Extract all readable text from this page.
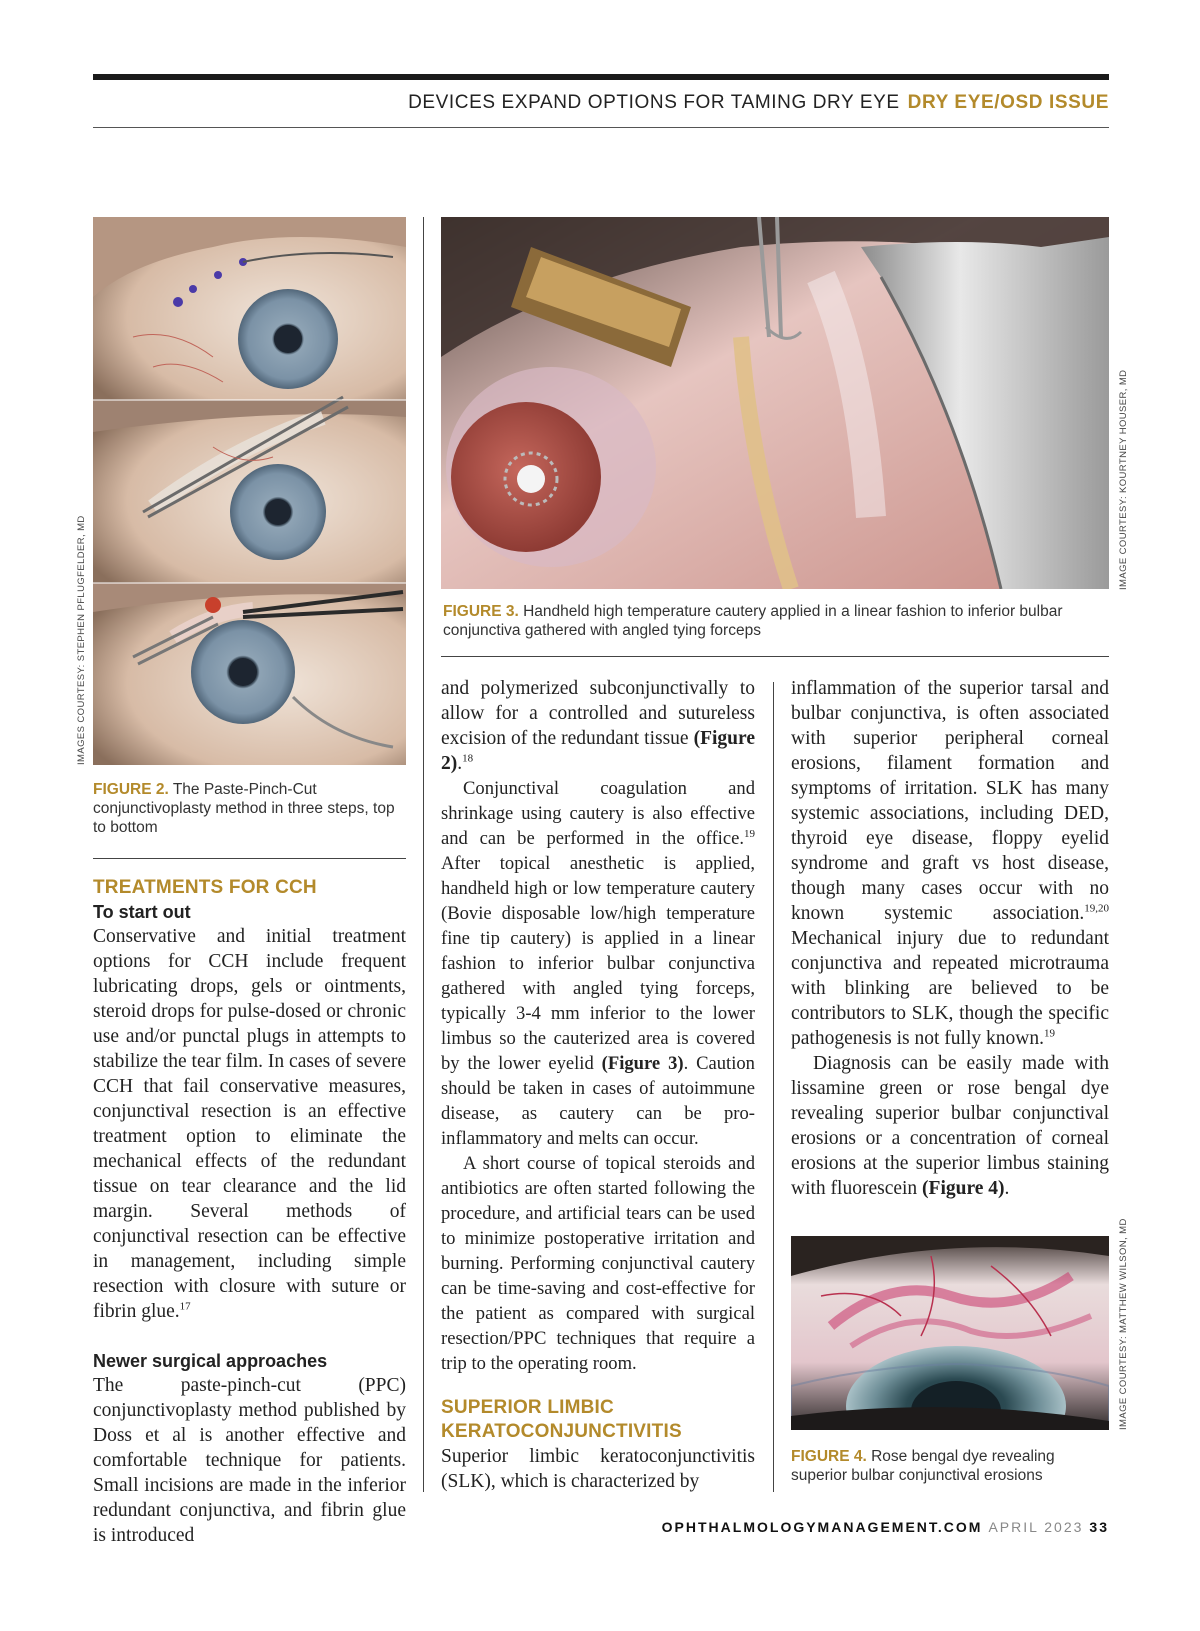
DEVICES EXPAND OPTIONS FOR TAMING DRY EYE DRY EYE/OSD ISSUE
IMAGES COURTESY: STEPHEN PFLUGFELDER, MD
FIGURE 2. The Paste-Pinch-Cut conjunctivoplasty method in three steps, top to bottom
IMAGE COURTESY: KOURTNEY HOUSER, MD
FIGURE 3. Handheld high temperature cautery applied in a linear fashion to inferior bulbar conjunctiva gathered with angled tying forceps
TREATMENTS FOR CCH
To start out

Conservative and initial treatment options for CCH include frequent lubricating drops, gels or ointments, steroid drops for pulse-dosed or chronic use and/or punctal plugs in attempts to stabilize the tear film. In cases of severe CCH that fail conservative measures, conjunctival resection is an effective treatment option to eliminate the mechanical effects of the redundant tissue on tear clearance and the lid margin. Several methods of conjunctival resection can be effective in management, including simple resection with closure with suture or fibrin glue.$^{17}$

Newer surgical approaches

The paste-pinch-cut (PPC) conjunctivoplasty method published by Doss et al is another effective and comfortable technique for patients. Small incisions are made in the inferior redundant conjunctiva, and fibrin glue is introduced

and polymerized subconjunctivally to allow for a controlled and sutureless excision of the redundant tissue (Figure 2).$^{18}$

Conjunctival coagulation and shrinkage using cautery is also effective and can be performed in the office.$^{19}$ After topical anesthetic is applied, handheld high or low temperature cautery (Bovie disposable low/high temperature fine tip cautery) is applied in a linear fashion to inferior bulbar conjunctiva gathered with angled tying forceps, typically 3-4 mm inferior to the lower limbus so the cauterized area is covered by the lower eyelid (Figure 3). Caution should be taken in cases of autoimmune disease, as cautery can be pro-inflammatory and melts can occur.

A short course of topical steroids and antibiotics are often started following the procedure, and artificial tears can be used to minimize postoperative irritation and burning. Performing conjunctival cautery can be time-saving and cost-effective for the patient as compared with surgical resection/PPC techniques that require a trip to the operating room.

SUPERIOR LIMBIC
KERATOCONJUNCTIVITIS

Superior limbic keratoconjunctivitis (SLK), which is characterized by

inflammation of the superior tarsal and bulbar conjunctiva, is often associated with superior peripheral corneal erosions, filament formation and symptoms of irritation. SLK has many systemic associations, including DED, thyroid eye disease, floppy eyelid syndrome and graft vs host disease, though many cases occur with no known systemic association.$^{19,20}$ Mechanical injury due to redundant conjunctiva and repeated microtrauma with blinking are believed to be contributors to SLK, though the specific pathogenesis is not fully known.$^{19}$

Diagnosis can be easily made with lissamine green or rose bengal dye revealing superior bulbar conjunctival erosions or a concentration of corneal erosions at the superior limbus staining with fluorescein (Figure 4).

IMAGE COURTESY: MATTHEW WILSON, MD
FIGURE 4. Rose bengal dye revealing superior bulbar conjunctival erosions
OPHTHALMOLOGYMANAGEMENT.COM APRIL 2023 33
